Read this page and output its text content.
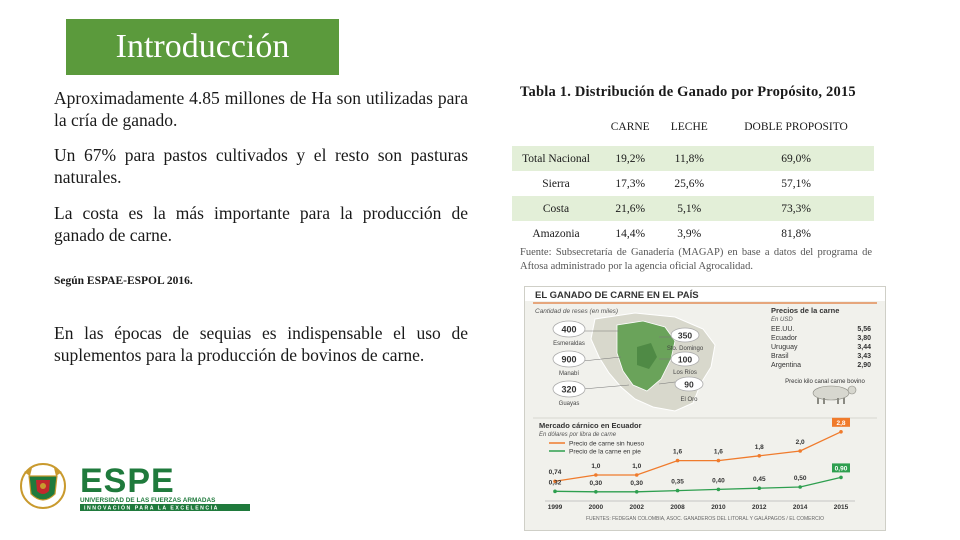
Introducción
Aproximadamente 4.85 millones de Ha son utilizadas para la cría de ganado.
Un 67% para pastos cultivados y el resto son pasturas naturales.
La costa es la más importante para la producción de ganado de carne.
Según ESPAE-ESPOL 2016.
En las épocas de sequias es indispensable el uso de suplementos para la producción de bovinos de carne.
Tabla 1. Distribución de Ganado por Propósito, 2015
	CARNE	LECHE	DOBLE PROPOSITO
Total Nacional	19,2%	11,8%	69,0%
Sierra	17,3%	25,6%	57,1%
Costa	21,6%	5,1%	73,3%
Amazonia	14,4%	3,9%	81,8%
Fuente: Subsecretaría de Ganadería (MAGAP) en base a datos del programa de Aftosa administrado por la agencia oficial Agrocalidad.
EL GANADO DE CARNE EN EL PAÍS
Cantidad de reses (en miles)
400
Esmeraldas
900
Manabí
320
Guayas
350
Sto. Domingo
100
Los Ríos
90
El Oro
Precios de la carne
En USD
EE.UU.	5,56
Ecuador	3,80
Uruguay	3,44
Brasil	3,43
Argentina	2,90
Precio kilo canal carne bovino
Mercado cárnico en Ecuador
En dólares por libra de carne
Precio de carne sin hueso
Precio de la carne en pie
0,74
1,0	1,0
1,6	1,6
1,8
2,0
2,8
0,32	0,30	0,30	0,35	0,40	0,45	0,50
0,90
1999	2000	2002	2008	2010	2012	2014	2015
FUENTES: FEDEGAN COLOMBIA, ASOC. GANADEROS DEL LITORAL Y GALÁPAGOS / EL COMERCIO
ESPE
UNIVERSIDAD DE LAS FUERZAS ARMADAS
INNOVACIÓN PARA LA EXCELENCIA
